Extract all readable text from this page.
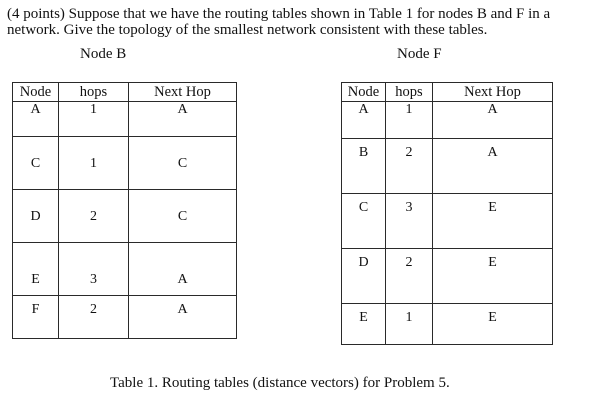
(4 points) Suppose that we have the routing tables shown in Table 1 for nodes B and F in a network. Give the topology of the smallest network consistent with these tables.

Node B	Node F
Node	hops	Next Hop
A	1	A
C	1	C
D	2	C
E	3	A
F	2	A
Node	hops	Next Hop
A	1	A
B	2	A
C	3	E
D	2	E
E	1	E
Table 1. Routing tables (distance vectors) for Problem 5.
